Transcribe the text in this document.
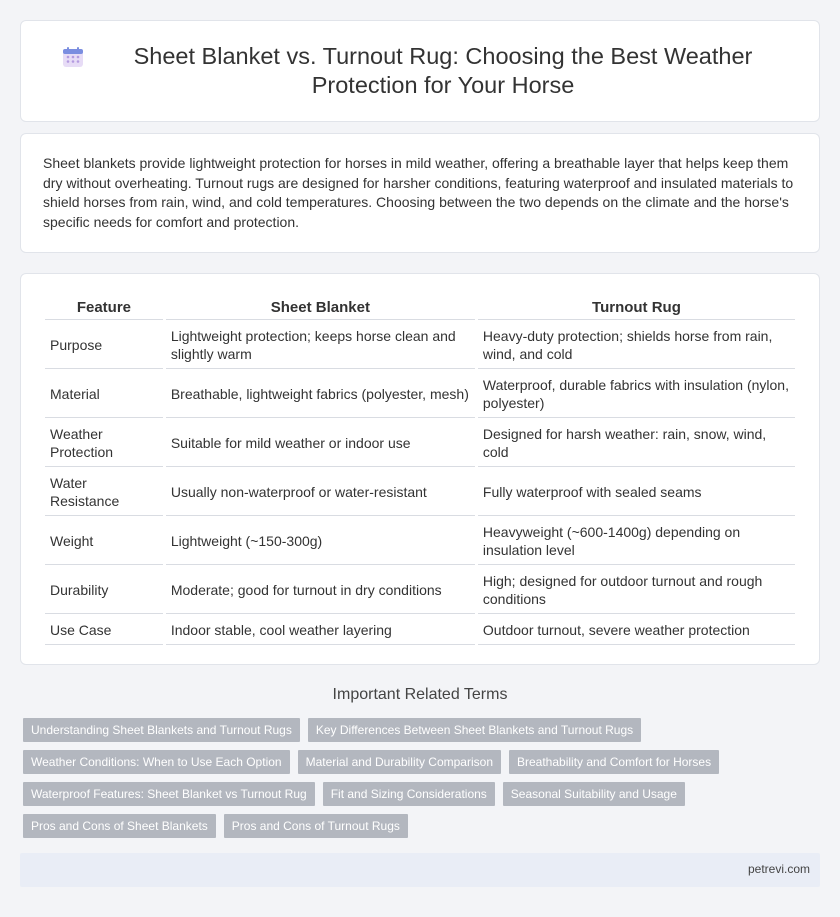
Sheet Blanket vs. Turnout Rug: Choosing the Best Weather Protection for Your Horse

Sheet blankets provide lightweight protection for horses in mild weather, offering a breathable layer that helps keep them dry without overheating. Turnout rugs are designed for harsher conditions, featuring waterproof and insulated materials to shield horses from rain, wind, and cold temperatures. Choosing between the two depends on the climate and the horse's specific needs for comfort and protection.

Feature	Sheet Blanket	Turnout Rug
Purpose	Lightweight protection; keeps horse clean and slightly warm	Heavy-duty protection; shields horse from rain, wind, and cold
Material	Breathable, lightweight fabrics (polyester, mesh)	Waterproof, durable fabrics with insulation (nylon, polyester)
Weather Protection	Suitable for mild weather or indoor use	Designed for harsh weather: rain, snow, wind, cold
Water Resistance	Usually non-waterproof or water-resistant	Fully waterproof with sealed seams
Weight	Lightweight (~150-300g)	Heavyweight (~600-1400g) depending on insulation level
Durability	Moderate; good for turnout in dry conditions	High; designed for outdoor turnout and rough conditions
Use Case	Indoor stable, cool weather layering	Outdoor turnout, severe weather protection
Important Related Terms
Understanding Sheet Blankets and Turnout Rugs	Key Differences Between Sheet Blankets and Turnout Rugs
Weather Conditions: When to Use Each Option	Material and Durability Comparison	Breathability and Comfort for Horses
Waterproof Features: Sheet Blanket vs Turnout Rug	Fit and Sizing Considerations	Seasonal Suitability and Usage
Pros and Cons of Sheet Blankets	Pros and Cons of Turnout Rugs
petrevi.com
